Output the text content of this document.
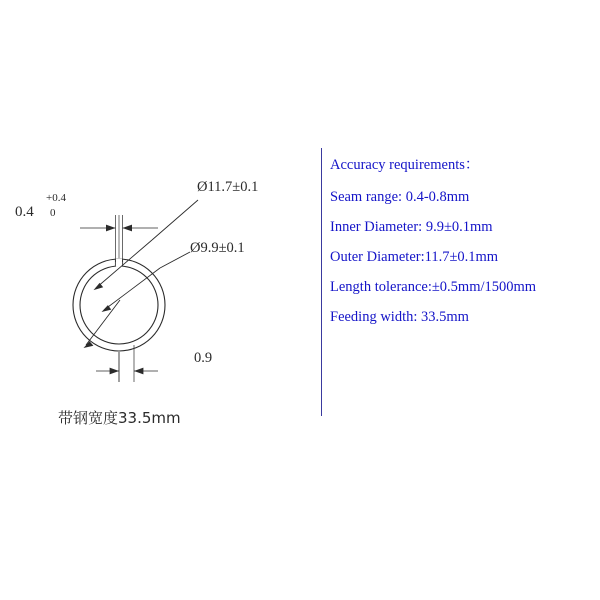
0.4
+0.4
0
Ø11.7±0.1
Ø9.9±0.1
0.9
带钢宽度33.5mm
Accuracy requirements：
Seam range: 0.4-0.8mm
Inner Diameter: 9.9±0.1mm
Outer Diameter:11.7±0.1mm
Length tolerance:±0.5mm/1500mm
Feeding width: 33.5mm
